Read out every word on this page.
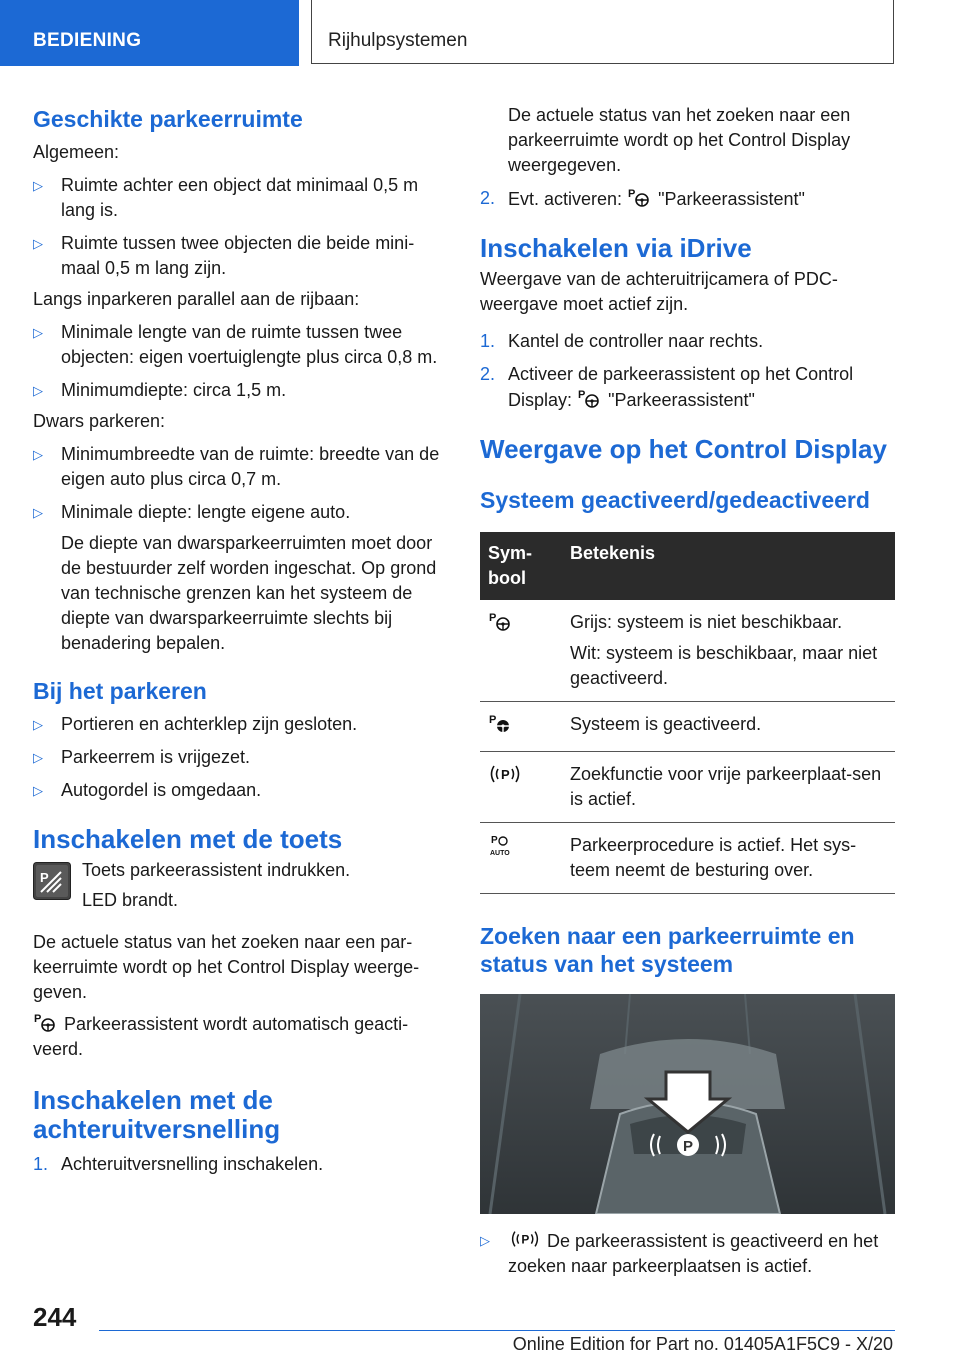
BEDIENING	Rijhulpsystemen
Geschikte parkeerruimte

Algemeen:

▷ Ruimte achter een object dat minimaal 0,5 m lang is.
▷ Ruimte tussen twee objecten die beide mini‐maal 0,5 m lang zijn.

Langs inparkeren parallel aan de rijbaan:

▷ Minimale lengte van de ruimte tussen twee objecten: eigen voertuiglengte plus circa 0,8 m.
▷ Minimumdiepte: circa 1,5 m.

Dwars parkeren:

▷ Minimumbreedte van de ruimte: breedte van de eigen auto plus circa 0,7 m.
▷ Minimale diepte: lengte eigene auto.
De diepte van dwarsparkeerruimten moet door de bestuurder zelf worden ingeschat. Op grond van technische grenzen kan het systeem de diepte van dwarsparkeerruimte slechts bij benadering bepalen.
Bij het parkeren
▷ Portieren en achterklep zijn gesloten.
▷ Parkeerrem is vrijgezet.
▷ Autogordel is omgedaan.
Inschakelen met de toets
P Toets parkeerassistent indrukken.

LED brandt.

De actuele status van het zoeken naar een par‐keerruimte wordt op het Control Display weerge‐geven.

P Parkeerassistent wordt automatisch geacti‐veerd.

Inschakelen met de achteruitversnelling
1. Achteruitversnelling inschakelen.
De actuele status van het zoeken naar een parkeerruimte wordt op het Control Display weergegeven.
2. Evt. activeren: P "Parkeerassistent"
Inschakelen via iDrive

Weergave van de achteruitrijcamera of PDC-weergave moet actief zijn.

1. Kantel de controller naar rechts.
2. Activeer de parkeerassistent op het Control Display: P "Parkeerassistent"
Weergave op het Control Display
Systeem geactiveerd/gedeactiveerd
Sym‐bool	Betekenis

P	Grijs: systeem is niet beschikbaar.

Wit: systeem is beschikbaar, maar niet geactiveerd.

P	Systeem is geactiveerd.

P	Zoekfunctie voor vrije parkeerplaat‐sen is actief.

P
AUTO	Parkeerprocedure is actief. Het sys‐teem neemt de besturing over.
Zoeken naar een parkeerruimte en status van het systeem
P
▷ P De parkeerassistent is geactiveerd en het zoeken naar parkeerplaatsen is actief.
244
Online Edition for Part no. 01405A1F5C9 - X/20
